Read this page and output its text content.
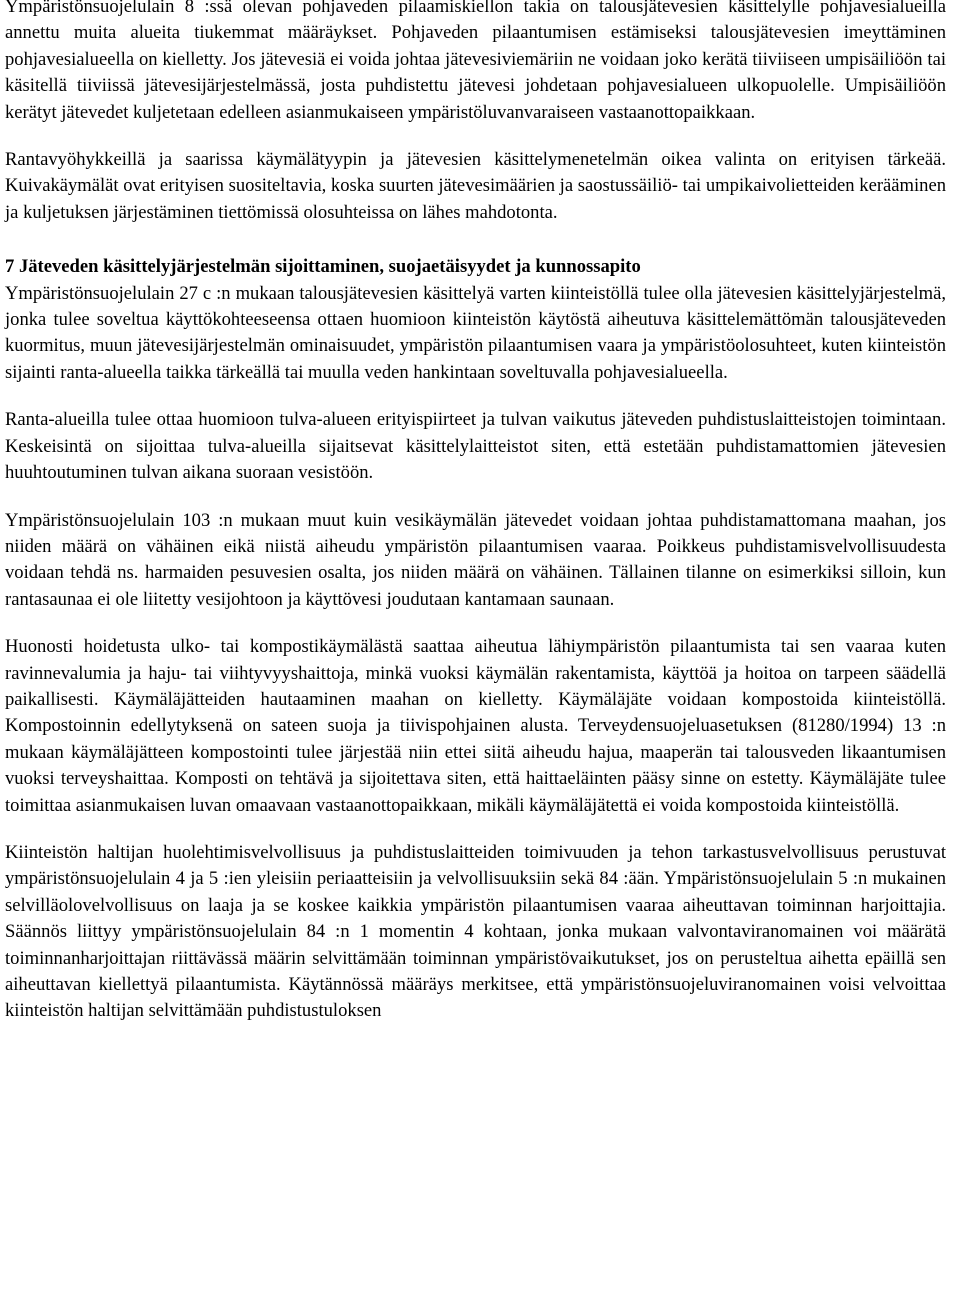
Ympäristönsuojelulain 8 :ssä olevan pohjaveden pilaamiskiellon takia on talousjätevesien käsittelylle pohjavesialueilla annettu muita alueita tiukemmat määräykset. Pohjaveden pilaantumisen estämiseksi talousjätevesien imeyttäminen pohjavesialueella on kielletty. Jos jätevesiä ei voida johtaa jätevesiviemäriin ne voidaan joko kerätä tiiviiseen umpisäiliöön tai käsitellä tiiviissä jätevesijärjestelmässä, josta puhdistettu jätevesi johdetaan pohjavesialueen ulkopuolelle. Umpisäiliöön kerätyt jätevedet kuljetetaan edelleen asianmukaiseen ympäristöluvanvaraiseen vastaanottopaikkaan.

Rantavyöhykkeillä ja saarissa käymälätyypin ja jätevesien käsittelymenetelmän oikea valinta on erityisen tärkeää. Kuivakäymälät ovat erityisen suositeltavia, koska suurten jätevesimäärien ja saostussäiliö- tai umpikaivolietteiden kerääminen ja kuljetuksen järjestäminen tiettömissä olosuhteissa on lähes mahdotonta.

7 Jäteveden käsittelyjärjestelmän sijoittaminen, suojaetäisyydet ja kunnossapito

Ympäristönsuojelulain 27 c :n mukaan talousjätevesien käsittelyä varten kiinteistöllä tulee olla jätevesien käsittelyjärjestelmä, jonka tulee soveltua käyttökohteeseensa ottaen huomioon kiinteistön käytöstä aiheutuva käsittelemättömän talousjäteveden kuormitus, muun jätevesijärjestelmän ominaisuudet, ympäristön pilaantumisen vaara ja ympäristöolosuhteet, kuten kiinteistön sijainti ranta-alueella taikka tärkeällä tai muulla veden hankintaan soveltuvalla pohjavesialueella.

Ranta-alueilla tulee ottaa huomioon tulva-alueen erityispiirteet ja tulvan vaikutus jäteveden puhdistuslaitteistojen toimintaan. Keskeisintä on sijoittaa tulva-alueilla sijaitsevat käsittelylaitteistot siten, että estetään puhdistamattomien jätevesien huuhtoutuminen tulvan aikana suoraan vesistöön.

Ympäristönsuojelulain 103 :n mukaan muut kuin vesikäymälän jätevedet voidaan johtaa puhdistamattomana maahan, jos niiden määrä on vähäinen eikä niistä aiheudu ympäristön pilaantumisen vaaraa. Poikkeus puhdistamisvelvollisuudesta voidaan tehdä ns. harmaiden pesuvesien osalta, jos niiden määrä on vähäinen. Tällainen tilanne on esimerkiksi silloin, kun rantasaunaa ei ole liitetty vesijohtoon ja käyttövesi joudutaan kantamaan saunaan.

Huonosti hoidetusta ulko- tai kompostikäymälästä saattaa aiheutua lähiympäristön pilaantumista tai sen vaaraa kuten ravinnevalumia ja haju- tai viihtyvyyshaittoja, minkä vuoksi käymälän rakentamista, käyttöä ja hoitoa on tarpeen säädellä paikallisesti. Käymäläjätteiden hautaaminen maahan on kielletty. Käymäläjäte voidaan kompostoida kiinteistöllä. Kompostoinnin edellytyksenä on sateen suoja ja tiivispohjainen alusta. Terveydensuojeluasetuksen (81280/1994) 13 :n mukaan käymäläjätteen kompostointi tulee järjestää niin ettei siitä aiheudu hajua, maaperän tai talousveden likaantumisen vuoksi terveyshaittaa. Komposti on tehtävä ja sijoitettava siten, että haittaeläinten pääsy sinne on estetty. Käymäläjäte tulee toimittaa asianmukaisen luvan omaavaan vastaanottopaikkaan, mikäli käymäläjätettä ei voida kompostoida kiinteistöllä.

Kiinteistön haltijan huolehtimisvelvollisuus ja puhdistuslaitteiden toimivuuden ja tehon tarkastusvelvollisuus perustuvat ympäristönsuojelulain 4 ja 5 :ien yleisiin periaatteisiin ja velvollisuuksiin sekä 84 :ään. Ympäristönsuojelulain 5 :n mukainen selvilläolovelvollisuus on laaja ja se koskee kaikkia ympäristön pilaantumisen vaaraa aiheuttavan toiminnan harjoittajia. Säännös liittyy ympäristönsuojelulain 84 :n 1 momentin 4 kohtaan, jonka mukaan valvontaviranomainen voi määrätä toiminnanharjoittajan riittävässä määrin selvittämään toiminnan ympäristövaikutukset, jos on perusteltua aihetta epäillä sen aiheuttavan kiellettyä pilaantumista. Käytännössä määräys merkitsee, että ympäristönsuojeluviranomainen voisi velvoittaa kiinteistön haltijan selvittämään puhdistustuloksen
